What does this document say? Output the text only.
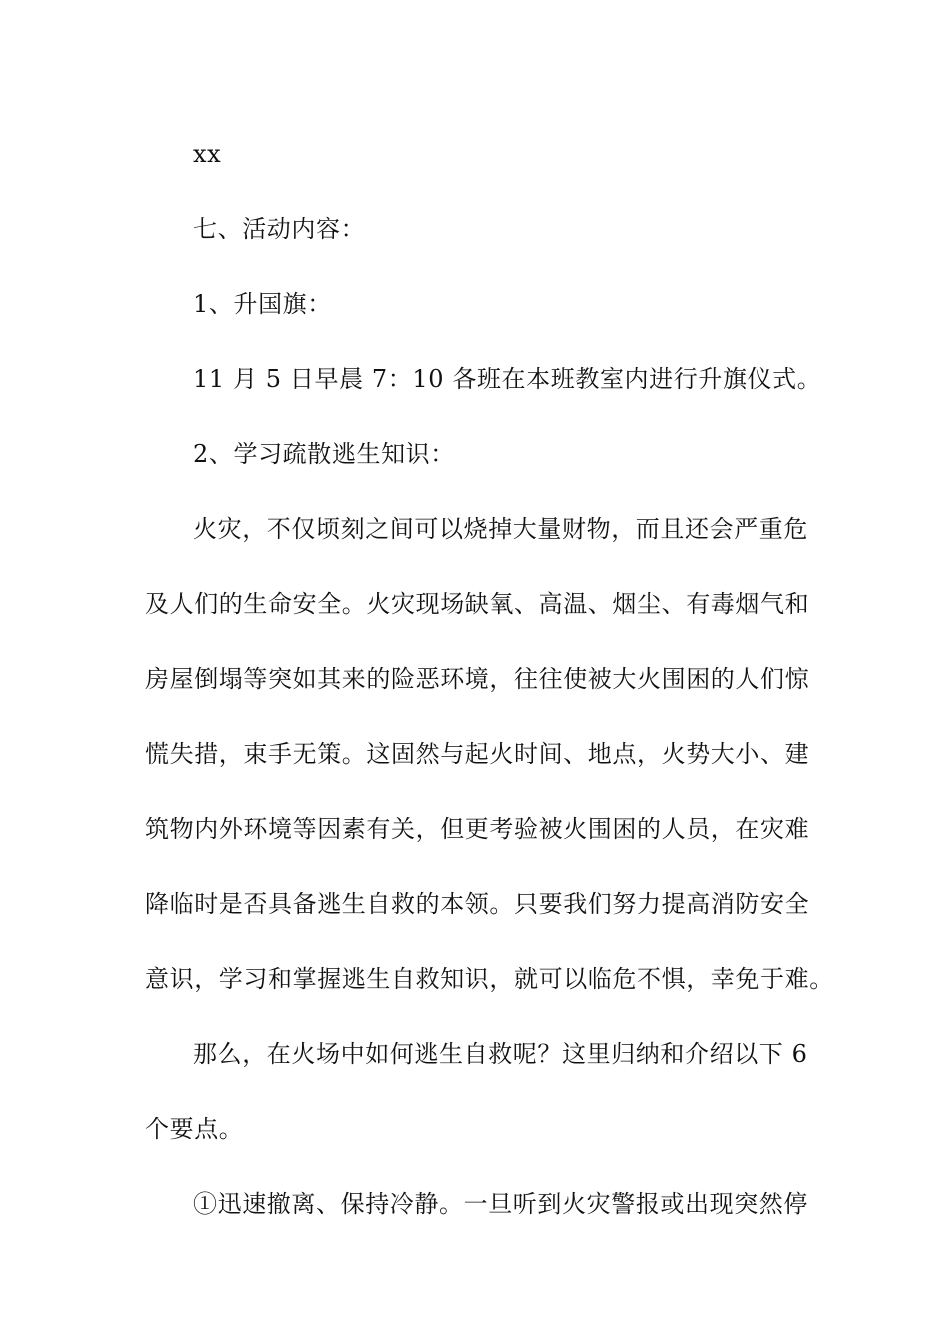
xx
七、活动内容：
1、升国旗：
11 月 5 日早晨 7：10 各班在本班教室内进行升旗仪式。
2、学习疏散逃生知识：
火灾，不仅顷刻之间可以烧掉大量财物，而且还会严重危
及人们的生命安全。火灾现场缺氧、高温、烟尘、有毒烟气和
房屋倒塌等突如其来的险恶环境，往往使被大火围困的人们惊
慌失措，束手无策。这固然与起火时间、地点，火势大小、建
筑物内外环境等因素有关，但更考验被火围困的人员，在灾难
降临时是否具备逃生自救的本领。只要我们努力提高消防安全
意识，学习和掌握逃生自救知识，就可以临危不惧，幸免于难。
那么，在火场中如何逃生自救呢？这里归纳和介绍以下 6
个要点。
①迅速撤离、保持冷静。一旦听到火灾警报或出现突然停
